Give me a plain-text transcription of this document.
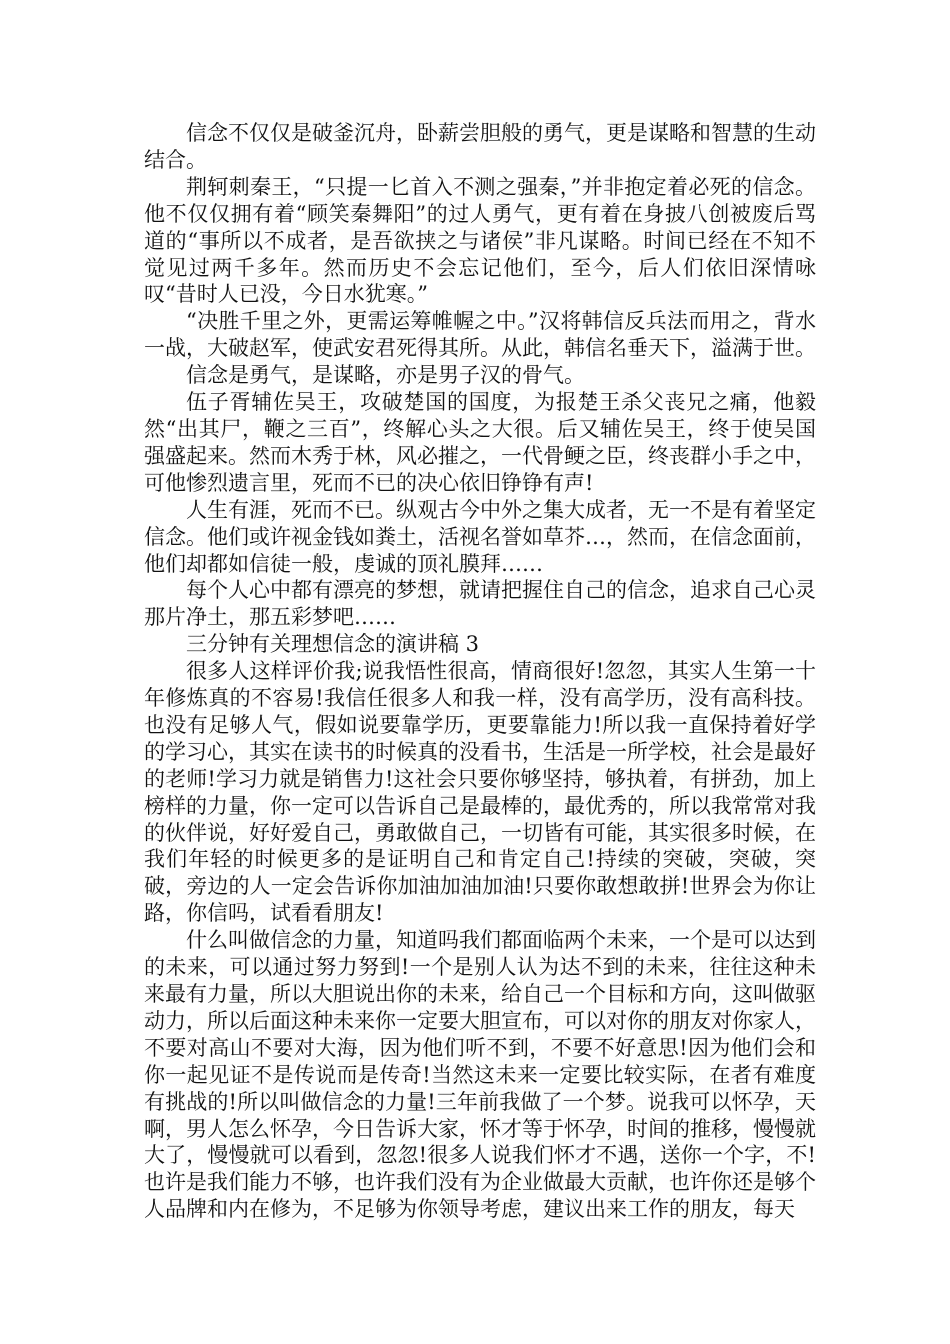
信念不仅仅是破釜沉舟，卧薪尝胆般的勇气，更是谋略和智慧的生动结合。

荆轲刺秦王，“只提一匕首入不测之强秦，”并非抱定着必死的信念。他不仅仅拥有着“顾笑秦舞阳”的过人勇气，更有着在身披八创被废后骂道的“事所以不成者，是吾欲挟之与诸侯”非凡谋略。时间已经在不知不觉见过两千多年。然而历史不会忘记他们，至今，后人们依旧深情咏叹“昔时人已没，今日水犹寒。”

“决胜千里之外，更需运筹帷幄之中。”汉将韩信反兵法而用之，背水一战，大破赵军，使武安君死得其所。从此，韩信名垂天下，溢满于世。

信念是勇气，是谋略，亦是男子汉的骨气。

伍子胥辅佐吴王，攻破楚国的国度，为报楚王杀父丧兄之痛，他毅然“出其尸，鞭之三百”，终解心头之大很。后又辅佐吴王，终于使吴国强盛起来。然而木秀于林，风必摧之，一代骨鲠之臣，终丧群小手之中，可他惨烈遗言里，死而不已的决心依旧铮铮有声!

人生有涯，死而不已。纵观古今中外之集大成者，无一不是有着坚定信念。他们或许视金钱如粪土，活视名誉如草芥…，然而，在信念面前，他们却都如信徒一般，虔诚的顶礼膜拜……

每个人心中都有漂亮的梦想，就请把握住自己的信念，追求自己心灵那片净土，那五彩梦吧……

三分钟有关理想信念的演讲稿 3

很多人这样评价我;说我悟性很高，情商很好!忽忽，其实人生第一十年修炼真的不容易!我信任很多人和我一样，没有高学历，没有高科技。也没有足够人气，假如说要靠学历，更要靠能力!所以我一直保持着好学的学习心，其实在读书的时候真的没看书，生活是一所学校，社会是最好的老师!学习力就是销售力!这社会只要你够坚持，够执着，有拼劲，加上榜样的力量，你一定可以告诉自己是最棒的，最优秀的，所以我常常对我的伙伴说，好好爱自己，勇敢做自己，一切皆有可能，其实很多时候，在我们年轻的时候更多的是证明自己和肯定自己!持续的突破，突破，突破，旁边的人一定会告诉你加油加油加油!只要你敢想敢拼!世界会为你让路，你信吗，试看看朋友!

什么叫做信念的力量，知道吗我们都面临两个未来，一个是可以达到的未来，可以通过努力努到!一个是别人认为达不到的未来，往往这种未来最有力量，所以大胆说出你的未来，给自己一个目标和方向，这叫做驱动力，所以后面这种未来你一定要大胆宣布，可以对你的朋友对你家人，不要对高山不要对大海，因为他们听不到，不要不好意思!因为他们会和你一起见证不是传说而是传奇!当然这未来一定要比较实际，在者有难度有挑战的!所以叫做信念的力量!三年前我做了一个梦。说我可以怀孕，天啊，男人怎么怀孕，今日告诉大家，怀才等于怀孕，时间的推移，慢慢就大了，慢慢就可以看到，忽忽!很多人说我们怀才不遇，送你一个字，不!也许是我们能力不够，也许我们没有为企业做最大贡献，也许你还是够个人品牌和内在修为，不足够为你领导考虑，建议出来工作的朋友，每天
